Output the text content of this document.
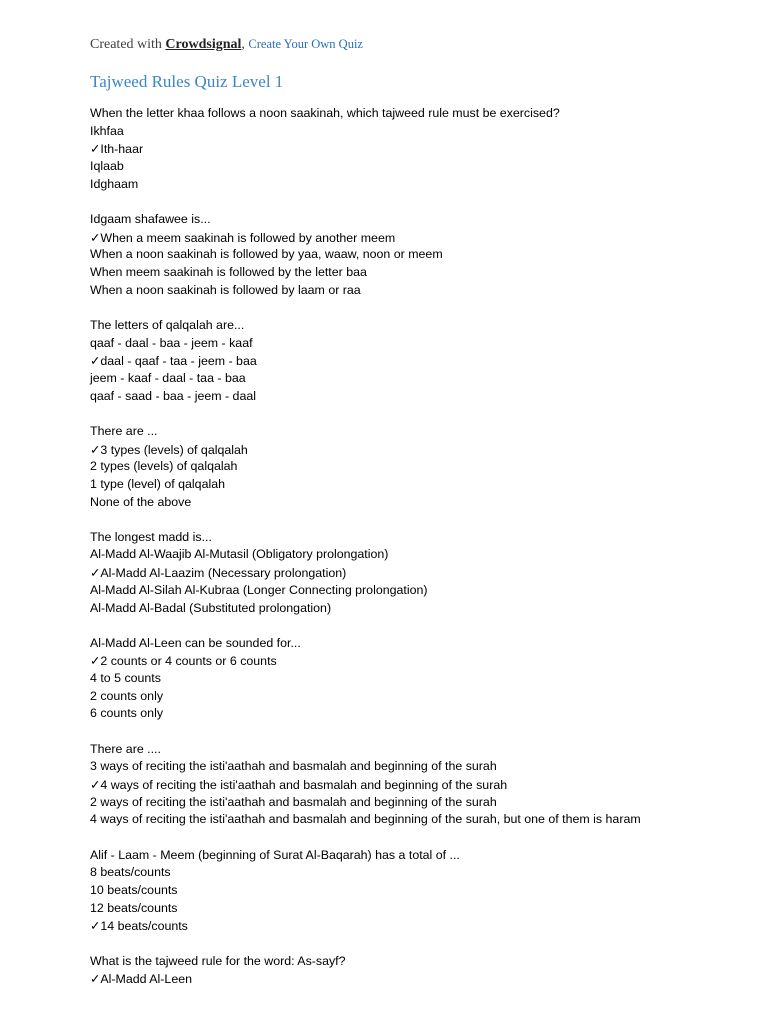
Created with Crowdsignal, Create Your Own Quiz
Tajweed Rules Quiz Level 1
When the letter khaa follows a noon saakinah, which tajweed rule must be exercised?
Ikhfaa
✓Ith-haar
Iqlaab
Idghaam
Idgaam shafawee is...
✓When a meem saakinah is followed by another meem
When a noon saakinah is followed by yaa, waaw, noon or meem
When meem saakinah is followed by the letter baa
When a noon saakinah is followed by laam or raa
The letters of qalqalah are...
qaaf - daal - baa - jeem - kaaf
✓daal - qaaf - taa - jeem - baa
jeem - kaaf - daal - taa - baa
qaaf - saad - baa - jeem - daal
There are ...
✓3 types (levels) of qalqalah
2 types (levels) of qalqalah
1 type (level) of qalqalah
None of the above
The longest madd is...
Al-Madd Al-Waajib Al-Mutasil (Obligatory prolongation)
✓Al-Madd Al-Laazim (Necessary prolongation)
Al-Madd Al-Silah Al-Kubraa (Longer Connecting prolongation)
Al-Madd Al-Badal (Substituted prolongation)
Al-Madd Al-Leen can be sounded for...
✓2 counts or 4 counts or 6 counts
4 to 5 counts
2 counts only
6 counts only
There are ....
3 ways of reciting the isti'aathah and basmalah and beginning of the surah
✓4 ways of reciting the isti'aathah and basmalah and beginning of the surah
2 ways of reciting the isti'aathah and basmalah and beginning of the surah
4 ways of reciting the isti'aathah and basmalah and beginning of the surah, but one of them is haram
Alif - Laam - Meem (beginning of Surat Al-Baqarah) has a total of ...
8 beats/counts
10 beats/counts
12 beats/counts
✓14 beats/counts
What is the tajweed rule for the word: As-sayf?
✓Al-Madd Al-Leen
